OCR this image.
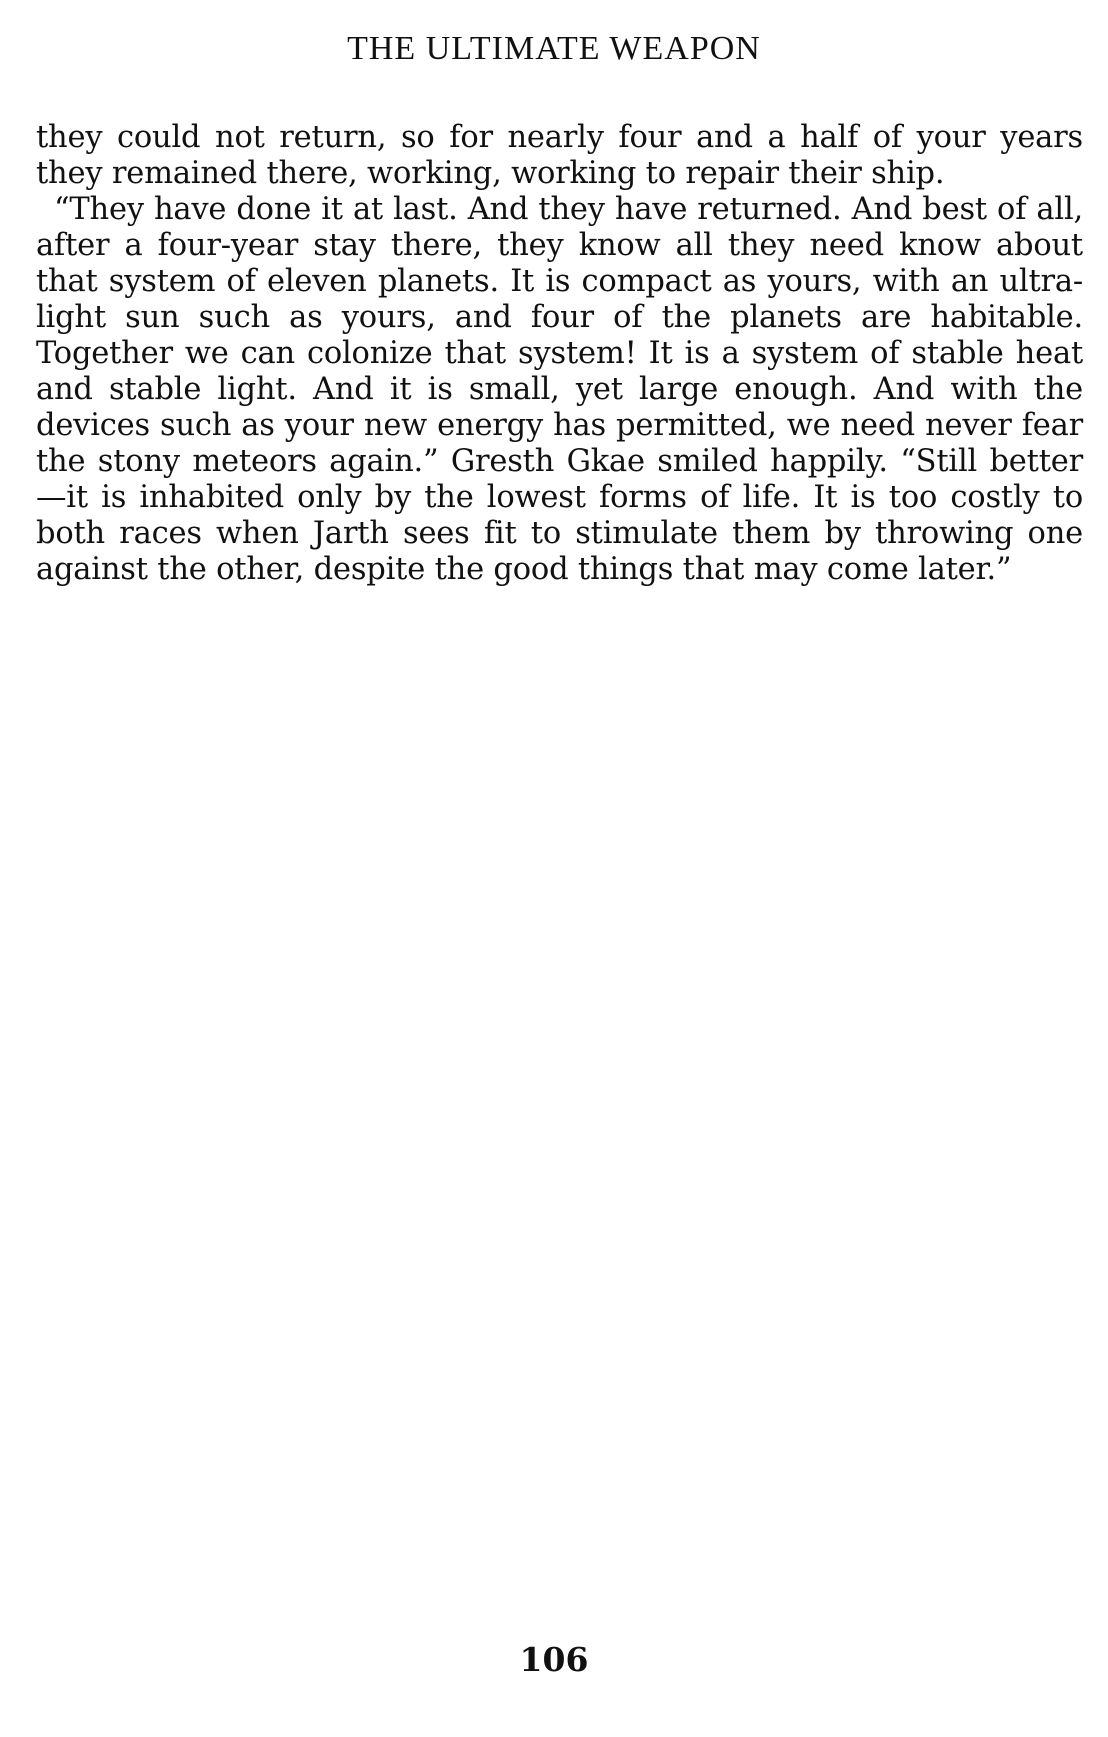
THE ULTIMATE WEAPON

they could not return, so for nearly four and a half of your years they remained there, working, working to repair their ship.

“They have done it at last. And they have returned. And best of all, after a four-year stay there, they know all they need know about that system of eleven planets. It is compact as yours, with an ultra-light sun such as yours, and four of the planets are habitable. Together we can colonize that system! It is a system of stable heat and stable light. And it is small, yet large enough. And with the devices such as your new energy has permitted, we need never fear the stony meteors again.” Gresth Gkae smiled happily. “Still better—it is inhabited only by the lowest forms of life. It is too costly to both races when Jarth sees fit to stimulate them by throwing one against the other, despite the good things that may come later.”

106
